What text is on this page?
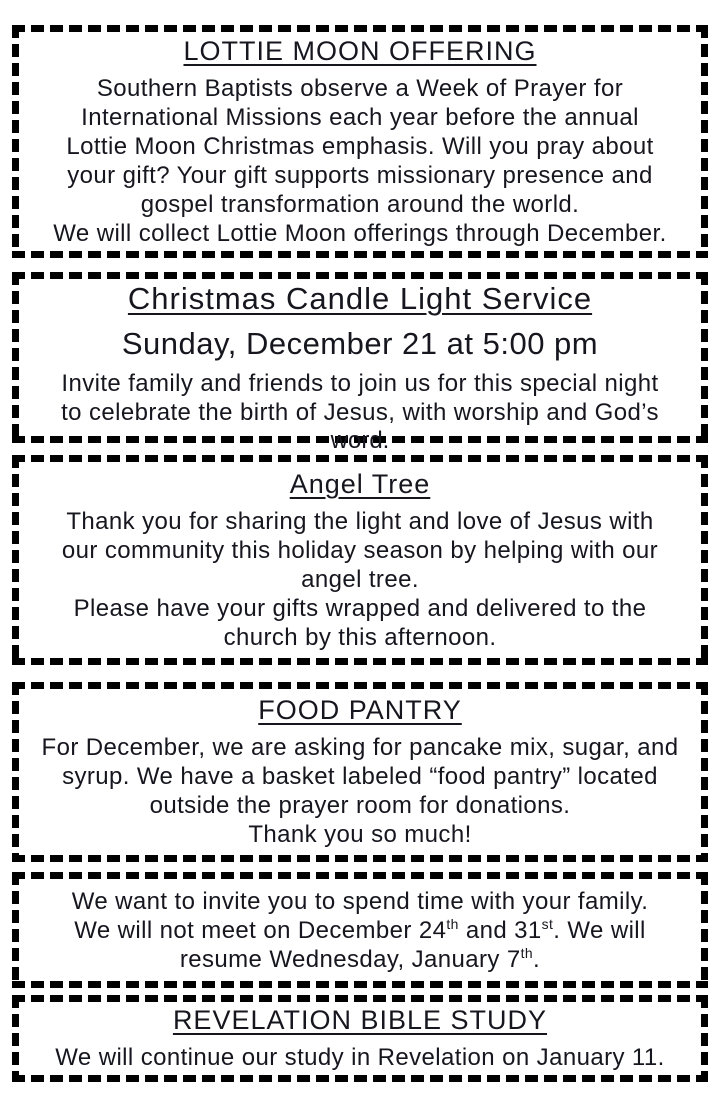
LOTTIE MOON OFFERING
Southern Baptists observe a Week of Prayer for
International Missions each year before the annual
Lottie Moon Christmas emphasis. Will you pray about
your gift? Your gift supports missionary presence and
gospel transformation around the world.
We will collect Lottie Moon offerings through December.
Christmas Candle Light Service
Sunday, December 21 at 5:00 pm
Invite family and friends to join us for this special night
to celebrate the birth of Jesus, with worship and God’s
word.
Angel Tree
Thank you for sharing the light and love of Jesus with
our community this holiday season by helping with our
angel tree.
Please have your gifts wrapped and delivered to the
church by this afternoon.
FOOD PANTRY
For December, we are asking for pancake mix, sugar, and
syrup. We have a basket labeled “food pantry” located
outside the prayer room for donations.
Thank you so much!
We want to invite you to spend time with your family.
We will not meet on December 24th and 31st. We will
resume Wednesday, January 7th.
REVELATION BIBLE STUDY
We will continue our study in Revelation on January 11.
